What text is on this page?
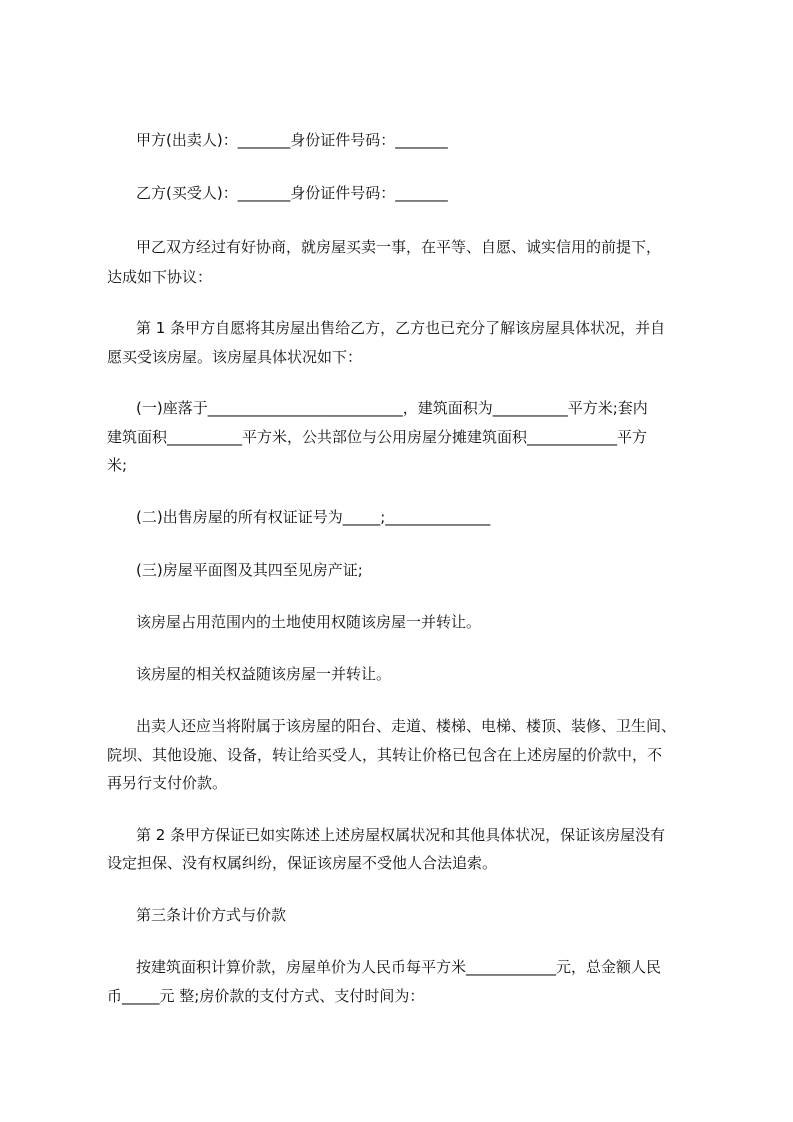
甲方(出卖人)：_______身份证件号码：_______
乙方(买受人)：_______身份证件号码：_______
甲乙双方经过有好协商，就房屋买卖一事，在平等、自愿、诚实信用的前提下，
达成如下协议：
第 1 条甲方自愿将其房屋出售给乙方，乙方也已充分了解该房屋具体状况，并自
愿买受该房屋。该房屋具体状况如下：
(一)座落于__________________________，建筑面积为__________平方米;套内
建筑面积__________平方米，公共部位与公用房屋分摊建筑面积____________平方
米;
(二)出售房屋的所有权证证号为_____;______________
(三)房屋平面图及其四至见房产证;
该房屋占用范围内的土地使用权随该房屋一并转让。
该房屋的相关权益随该房屋一并转让。
出卖人还应当将附属于该房屋的阳台、走道、楼梯、电梯、楼顶、装修、卫生间、
院坝、其他设施、设备，转让给买受人，其转让价格已包含在上述房屋的价款中，不
再另行支付价款。
第 2 条甲方保证已如实陈述上述房屋权属状况和其他具体状况，保证该房屋没有
设定担保、没有权属纠纷，保证该房屋不受他人合法追索。
第三条计价方式与价款
按建筑面积计算价款，房屋单价为人民币每平方米____________元，总金额人民
币_____元 整;房价款的支付方式、支付时间为：
